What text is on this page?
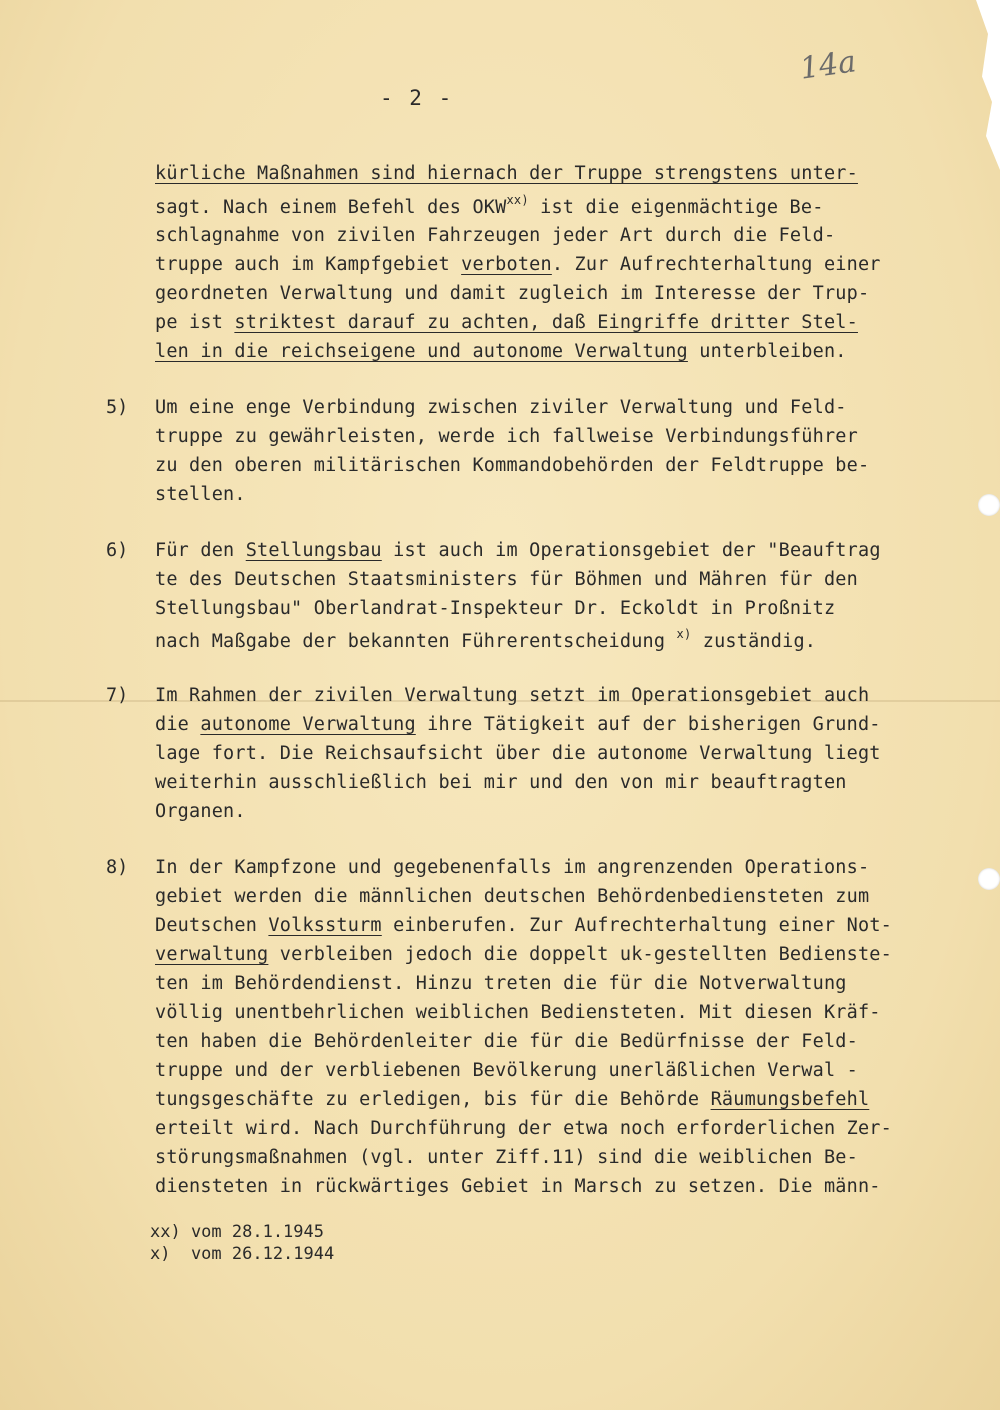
- 2 -
14a
kürliche Maßnahmen sind hiernach der Truppe strengstens unter-
sagt. Nach einem Befehl des OKW$^{xx)}$ ist die eigenmächtige Be-
schlagnahme von zivilen Fahrzeugen jeder Art durch die Feld-
truppe auch im Kampfgebiet verboten. Zur Aufrechterhaltung einer
geordneten Verwaltung und damit zugleich im Interesse der Trup-
pe ist striktest darauf zu achten, daß Eingriffe dritter Stel-
len in die reichseigene und autonome Verwaltung unterbleiben.
5) Um eine enge Verbindung zwischen ziviler Verwaltung und Feld-
truppe zu gewährleisten, werde ich fallweise Verbindungsführer
zu den oberen militärischen Kommandobehörden der Feldtruppe be-
stellen.
6) Für den Stellungsbau ist auch im Operationsgebiet der "Beauftrag
te des Deutschen Staatsministers für Böhmen und Mähren für den
Stellungsbau" Oberlandrat-Inspekteur Dr. Eckoldt in Proßnitz
nach Maßgabe der bekannten Führerentscheidung $^{x)}$ zuständig.
7) Im Rahmen der zivilen Verwaltung setzt im Operationsgebiet auch
die autonome Verwaltung ihre Tätigkeit auf der bisherigen Grund-
lage fort. Die Reichsaufsicht über die autonome Verwaltung liegt
weiterhin ausschließlich bei mir und den von mir beauftragten
Organen.
8) In der Kampfzone und gegebenenfalls im angrenzenden Operations-
gebiet werden die männlichen deutschen Behördenbediensteten zum
Deutschen Volkssturm einberufen. Zur Aufrechterhaltung einer Not-
verwaltung verbleiben jedoch die doppelt uk-gestellten Bedienste-
ten im Behördendienst. Hinzu treten die für die Notverwaltung
völlig unentbehrlichen weiblichen Bediensteten. Mit diesen Kräf-
ten haben die Behördenleiter die für die Bedürfnisse der Feld-
truppe und der verbliebenen Bevölkerung unerläßlichen Verwal -
tungsgeschäfte zu erledigen, bis für die Behörde Räumungsbefehl
erteilt wird. Nach Durchführung der etwa noch erforderlichen Zer-
störungsmaßnahmen (vgl. unter Ziff.11) sind die weiblichen Be-
diensteten in rückwärtiges Gebiet in Marsch zu setzen. Die männ-
xx) vom 28.1.1945
x)  vom 26.12.1944
